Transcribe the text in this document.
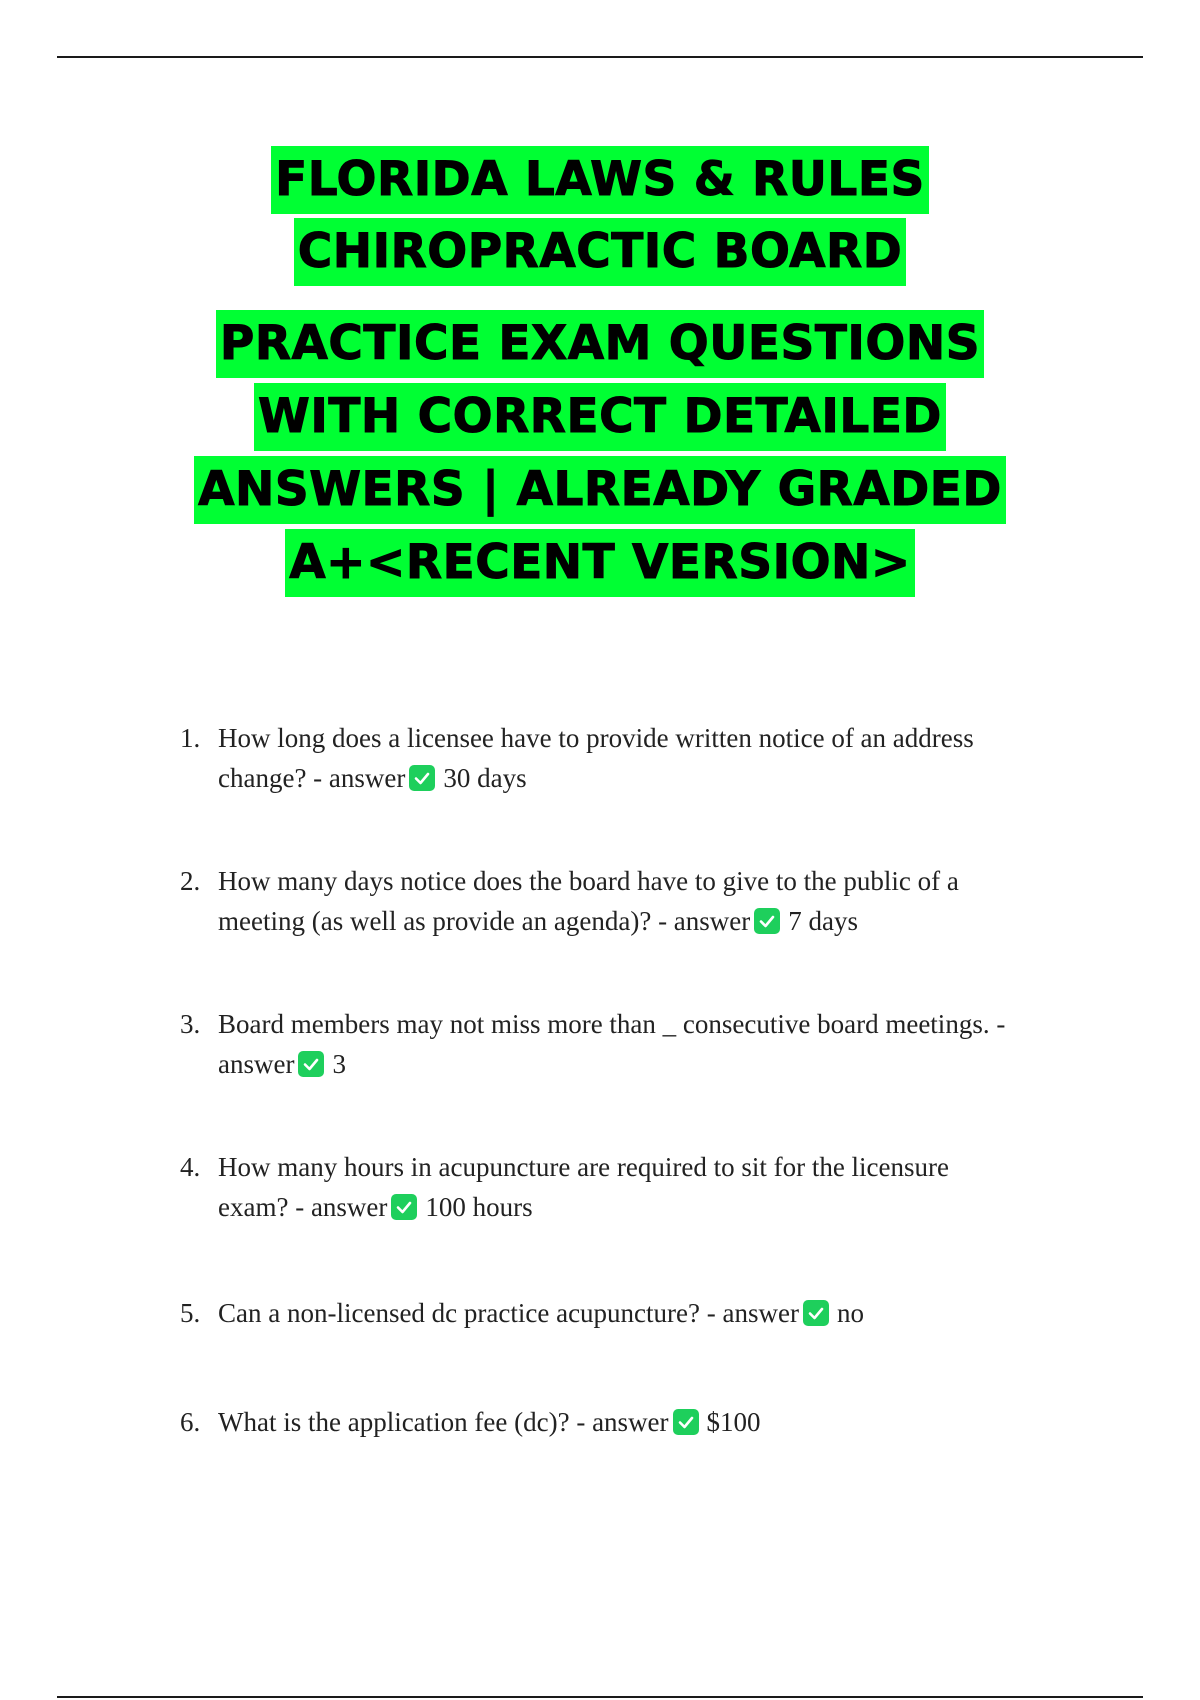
FLORIDA LAWS & RULES
CHIROPRACTIC BOARD
PRACTICE EXAM QUESTIONS
WITH CORRECT DETAILED
ANSWERS | ALREADY GRADED
A+<RECENT VERSION>
1. How long does a licensee have to provide written notice of an address
change? - answer 30 days
2. How many days notice does the board have to give to the public of a
meeting (as well as provide an agenda)? - answer 7 days
3. Board members may not miss more than _ consecutive board meetings. -
answer 3
4. How many hours in acupuncture are required to sit for the licensure
exam? - answer 100 hours
5. Can a non-licensed dc practice acupuncture? - answer no
6. What is the application fee (dc)? - answer $100
